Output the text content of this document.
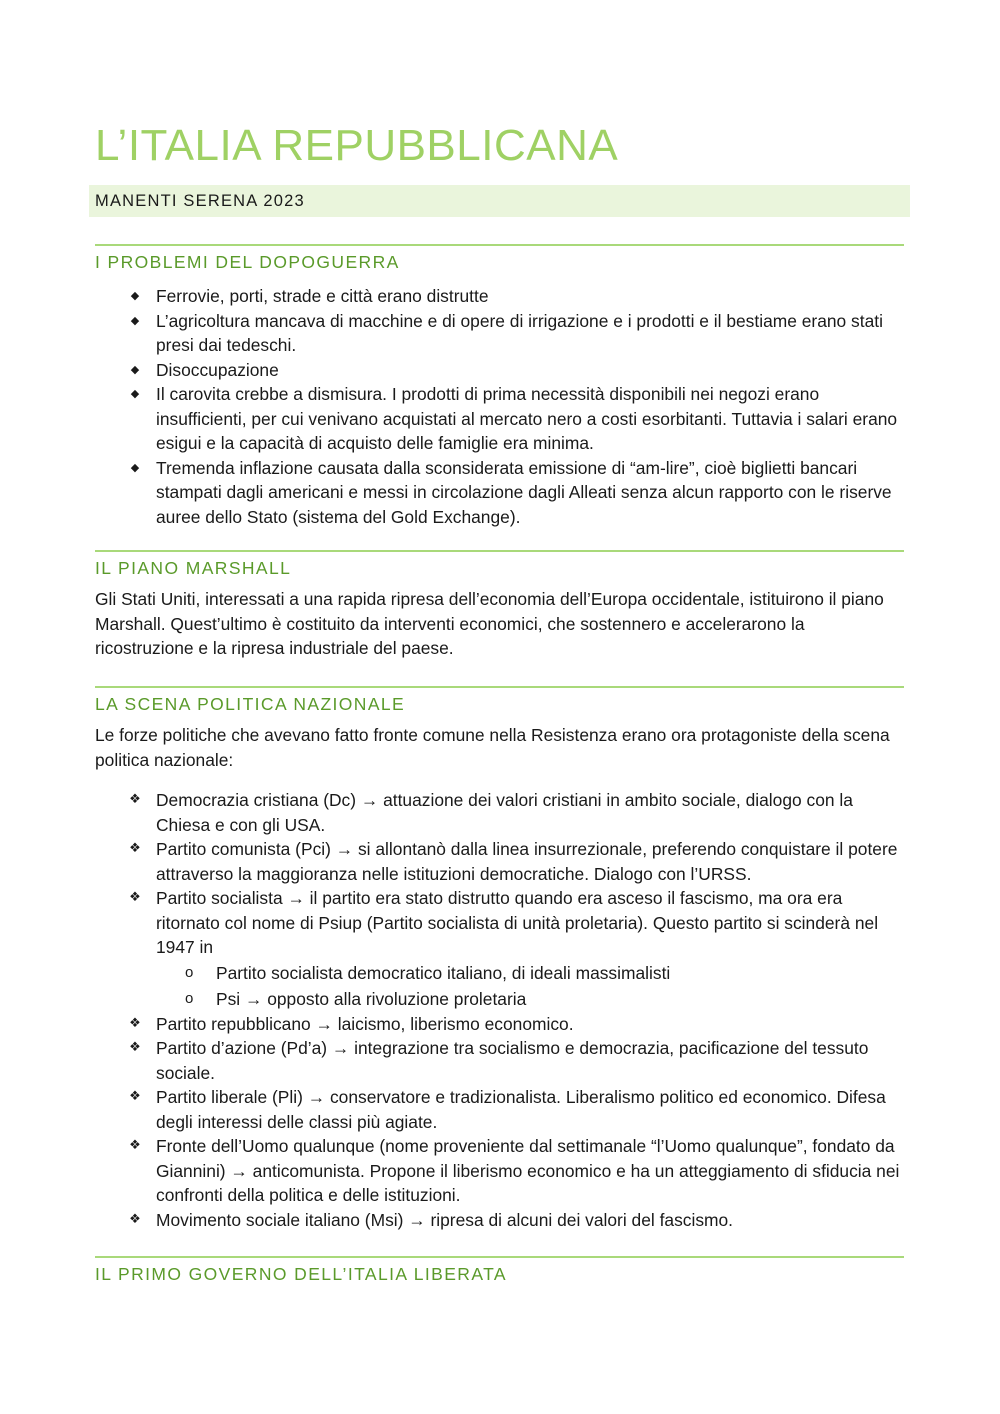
L’ITALIA REPUBBLICANA
MANENTI SERENA 2023
I PROBLEMI DEL DOPOGUERRA
◆ Ferrovie, porti, strade e città erano distrutte
◆ L’agricoltura mancava di macchine e di opere di irrigazione e i prodotti e il bestiame erano stati presi dai tedeschi.
◆ Disoccupazione
◆ Il carovita crebbe a dismisura. I prodotti di prima necessità disponibili nei negozi erano insufficienti, per cui venivano acquistati al mercato nero a costi esorbitanti. Tuttavia i salari erano esigui e la capacità di acquisto delle famiglie era minima.
◆ Tremenda inflazione causata dalla sconsiderata emissione di “am-lire”, cioè biglietti bancari stampati dagli americani e messi in circolazione dagli Alleati senza alcun rapporto con le riserve auree dello Stato (sistema del Gold Exchange).
IL PIANO MARSHALL

Gli Stati Uniti, interessati a una rapida ripresa dell’economia dell’Europa occidentale, istituirono il piano Marshall. Quest’ultimo è costituito da interventi economici, che sostennero e accelerarono la ricostruzione e la ripresa industriale del paese.

LA SCENA POLITICA NAZIONALE

Le forze politiche che avevano fatto fronte comune nella Resistenza erano ora protagoniste della scena politica nazionale:

❖ Democrazia cristiana (Dc) → attuazione dei valori cristiani in ambito sociale, dialogo con la Chiesa e con gli USA.
❖ Partito comunista (Pci) → si allontanò dalla linea insurrezionale, preferendo conquistare il potere attraverso la maggioranza nelle istituzioni democratiche. Dialogo con l’URSS.
❖ Partito socialista → il partito era stato distrutto quando era asceso il fascismo, ma ora era ritornato col nome di Psiup (Partito socialista di unità proletaria). Questo partito si scinderà nel 1947 in
o Partito socialista democratico italiano, di ideali massimalisti
o Psi → opposto alla rivoluzione proletaria
❖ Partito repubblicano → laicismo, liberismo economico.
❖ Partito d’azione (Pd’a) → integrazione tra socialismo e democrazia, pacificazione del tessuto sociale.
❖ Partito liberale (Pli) → conservatore e tradizionalista. Liberalismo politico ed economico. Difesa degli interessi delle classi più agiate.
❖ Fronte dell’Uomo qualunque (nome proveniente dal settimanale “l’Uomo qualunque”, fondato da Giannini) → anticomunista. Propone il liberismo economico e ha un atteggiamento di sfiducia nei confronti della politica e delle istituzioni.
❖ Movimento sociale italiano (Msi) → ripresa di alcuni dei valori del fascismo.
IL PRIMO GOVERNO DELL’ITALIA LIBERATA
